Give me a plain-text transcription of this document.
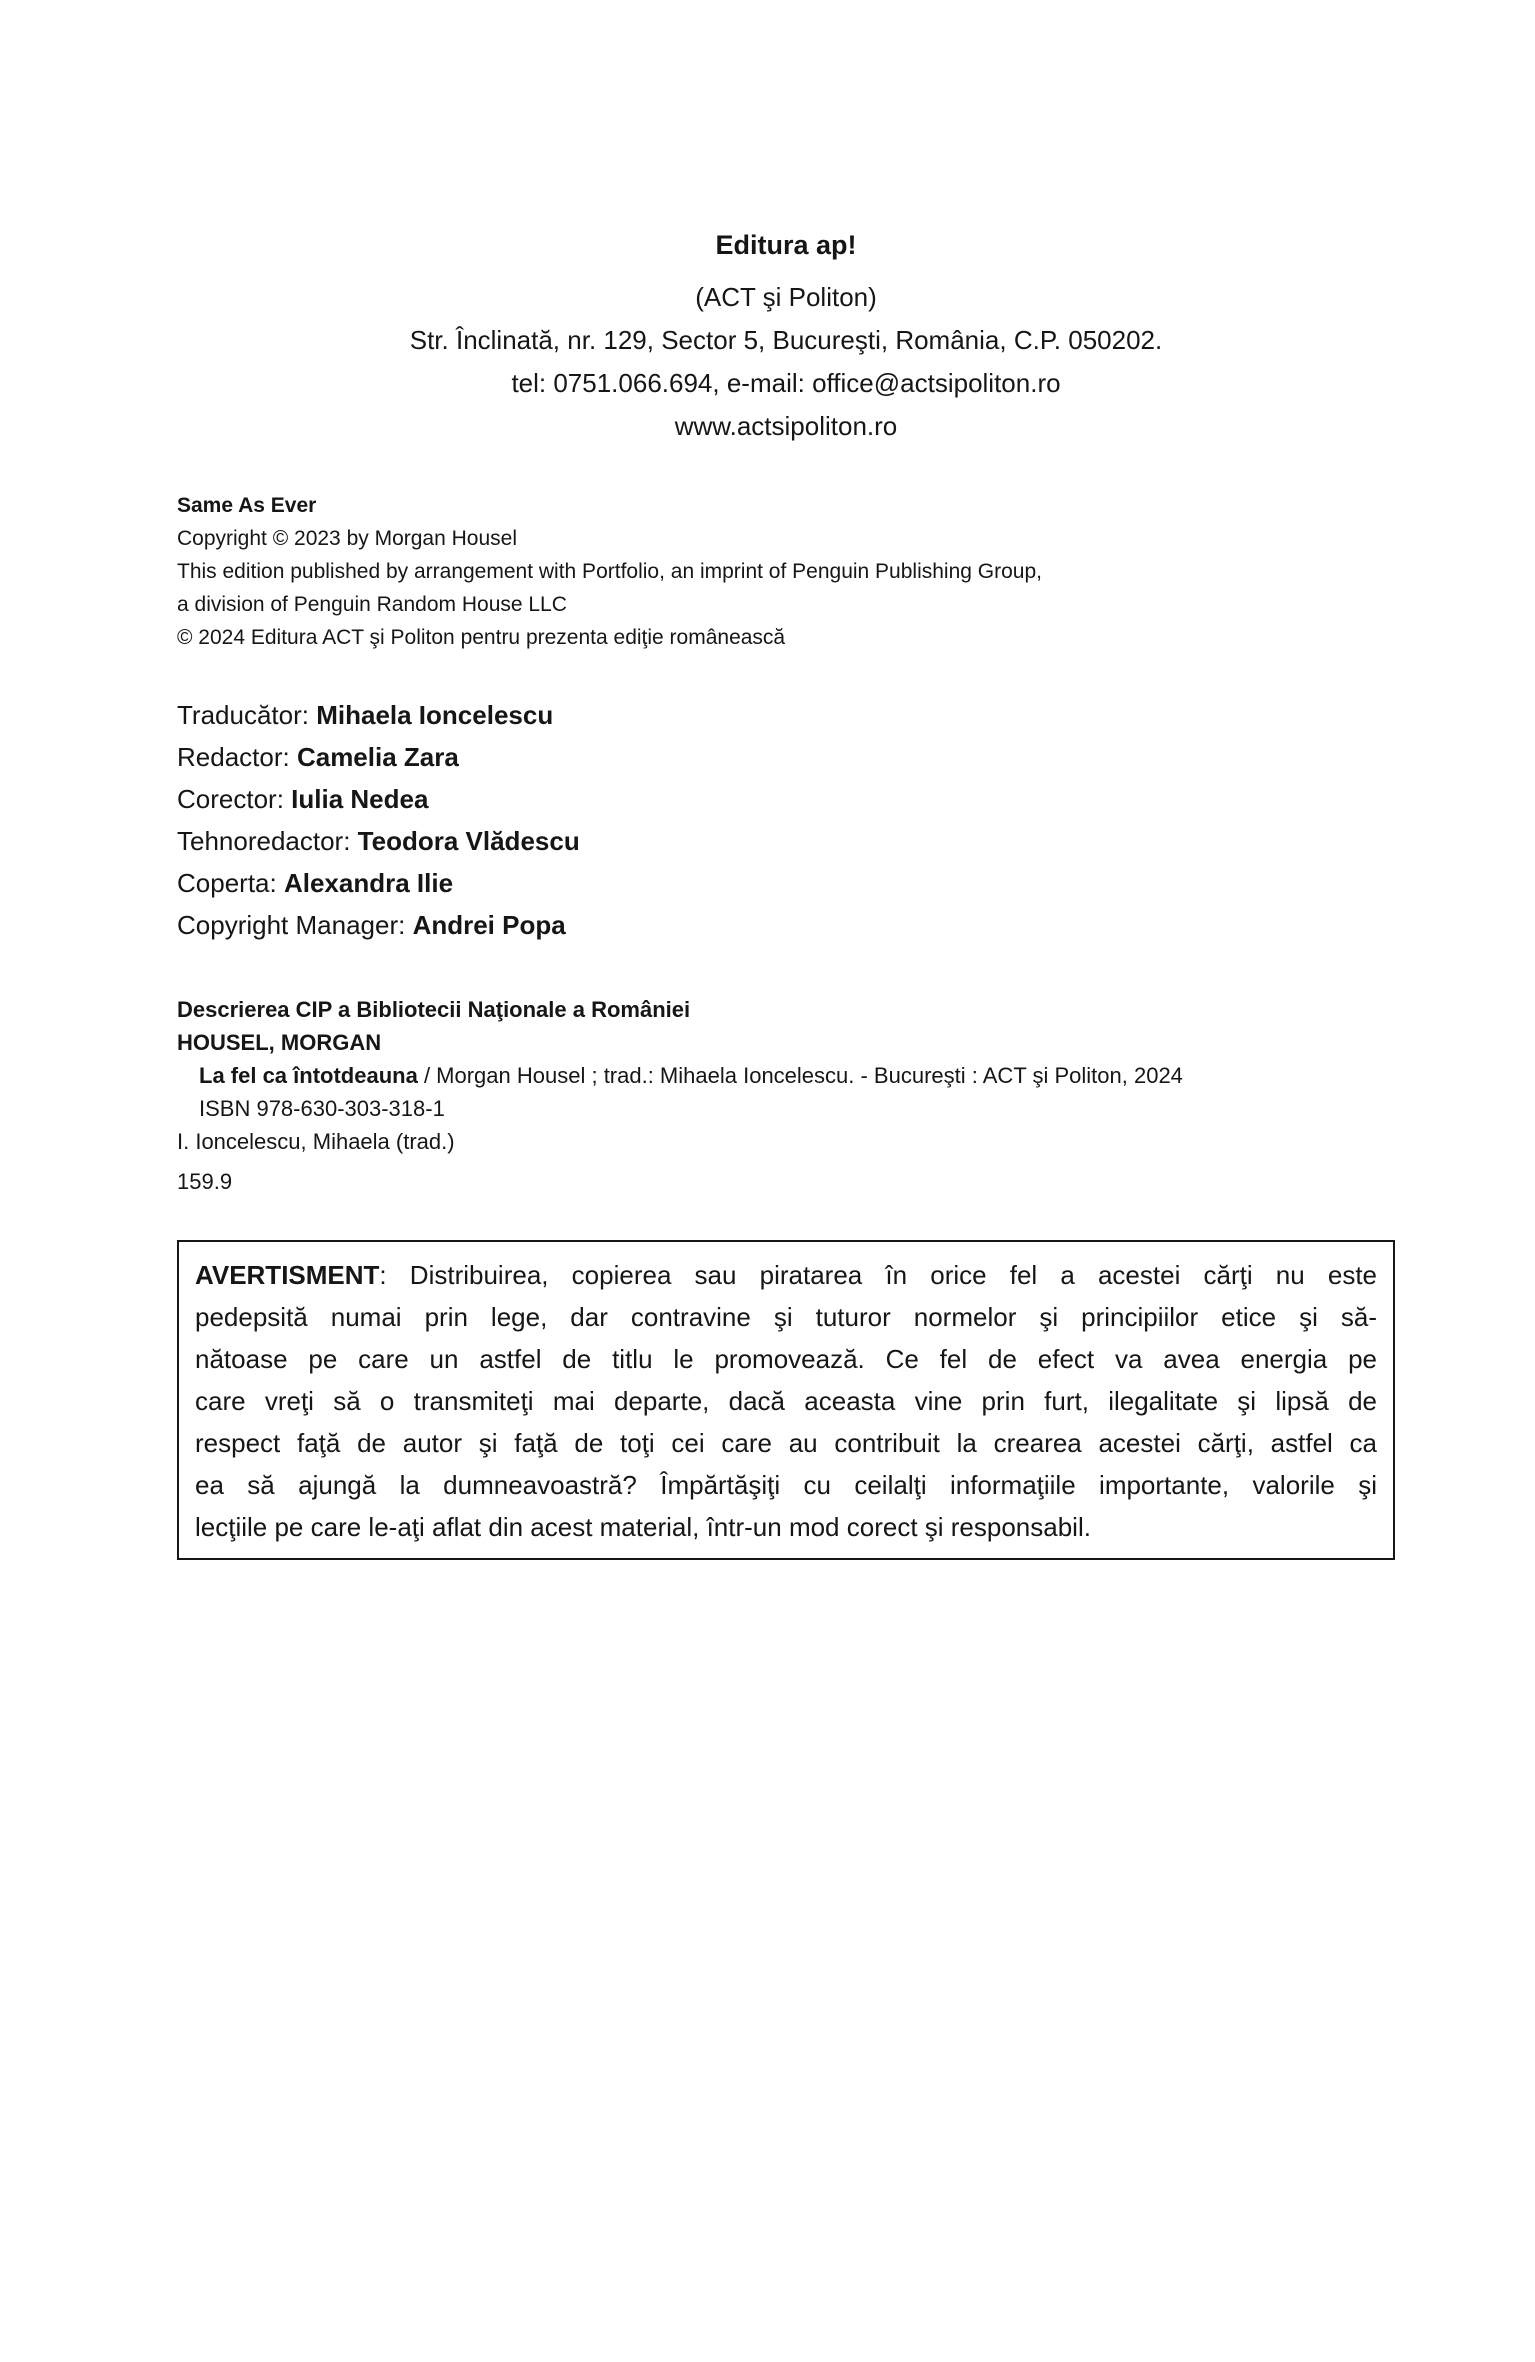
Editura ap!
(ACT şi Politon)
Str. Înclinată, nr. 129, Sector 5, Bucureşti, România, C.P. 050202.
tel: 0751.066.694, e-mail: office@actsipoliton.ro
www.actsipoliton.ro
Same As Ever
Copyright © 2023 by Morgan Housel
This edition published by arrangement with Portfolio, an imprint of Penguin Publishing Group,
a division of Penguin Random House LLC
© 2024 Editura ACT şi Politon pentru prezenta ediţie românească
Traducător: Mihaela Ioncelescu
Redactor: Camelia Zara
Corector: Iulia Nedea
Tehnoredactor: Teodora Vlădescu
Coperta: Alexandra Ilie
Copyright Manager: Andrei Popa
Descrierea CIP a Bibliotecii Naţionale a României
HOUSEL, MORGAN
La fel ca întotdeauna / Morgan Housel ; trad.: Mihaela Ioncelescu. - Bucureşti : ACT şi Politon, 2024
ISBN 978-630-303-318-1
I. Ioncelescu, Mihaela (trad.)
159.9
AVERTISMENT: Distribuirea, copierea sau piratarea în orice fel a acestei cărţi nu este
pedepsită numai prin lege, dar contravine şi tuturor normelor şi principiilor etice şi să-
nătoase pe care un astfel de titlu le promovează. Ce fel de efect va avea energia pe
care vreţi să o transmiteţi mai departe, dacă aceasta vine prin furt, ilegalitate şi lipsă de
respect faţă de autor şi faţă de toţi cei care au contribuit la crearea acestei cărţi, astfel ca
ea să ajungă la dumneavoastră? Împărtăşiţi cu ceilalţi informaţiile importante, valorile şi
lecţiile pe care le-aţi aflat din acest material, într-un mod corect şi responsabil.
